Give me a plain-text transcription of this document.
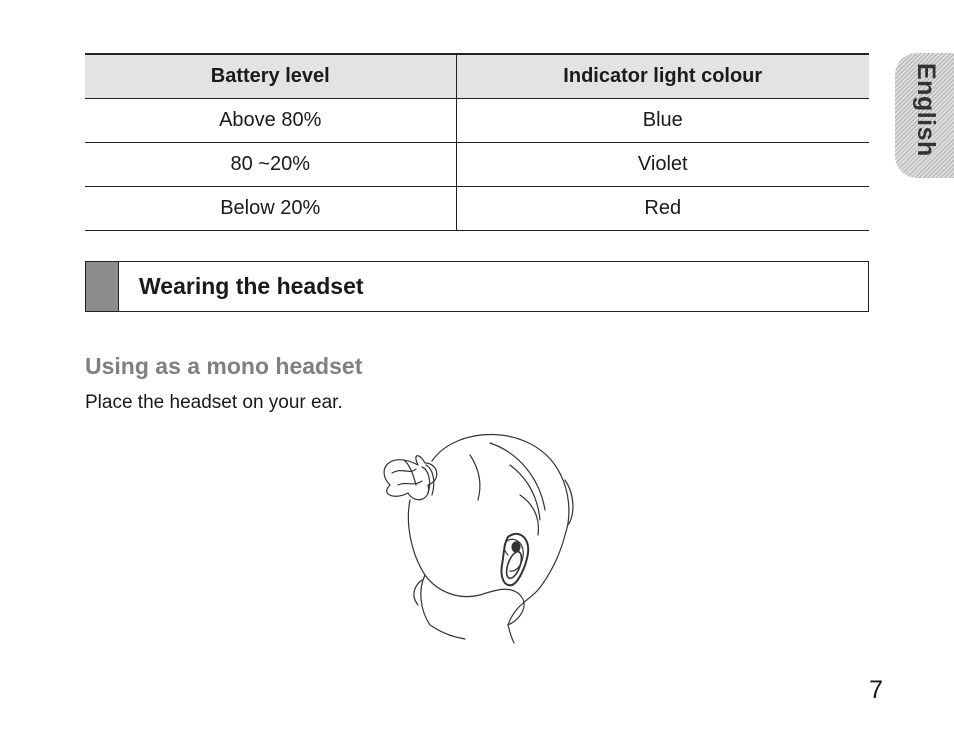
Battery level	Indicator light colour
Above 80%	Blue
80 ~20%	Violet
Below 20%	Red
Wearing the headset
Using as a mono headset
Place the headset on your ear.
English
7
